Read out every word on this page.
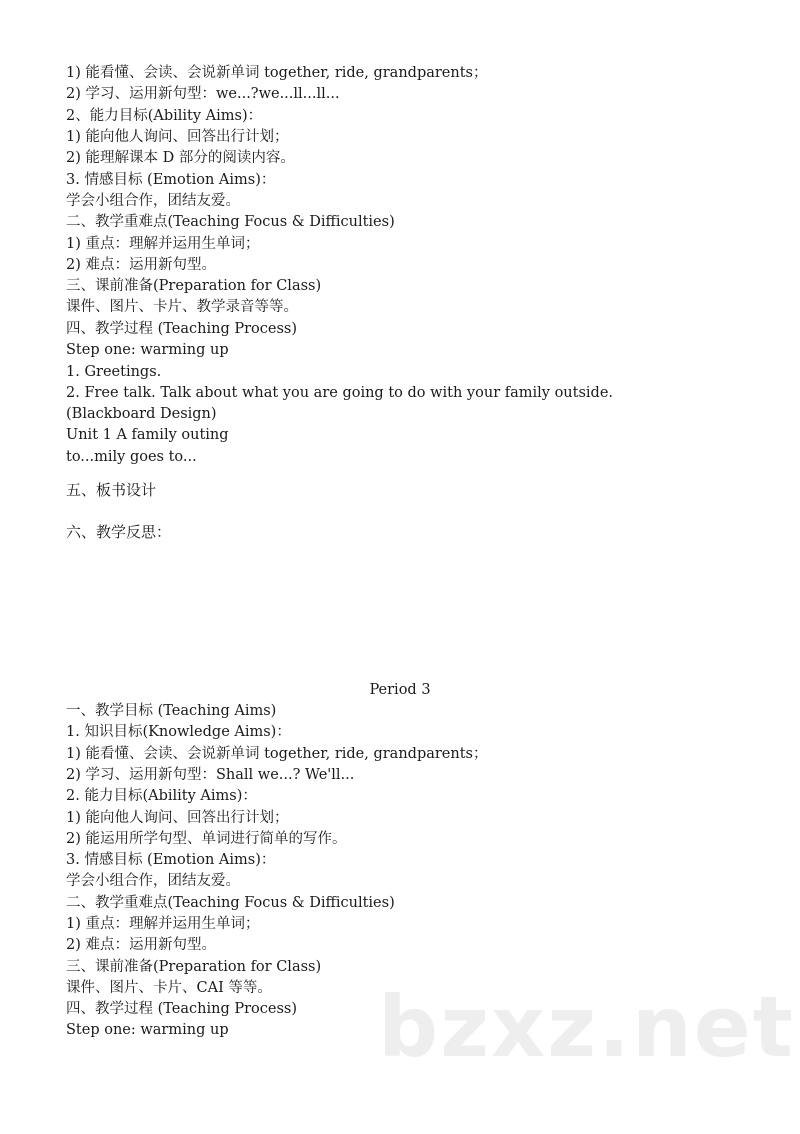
1) 能看懂、会读、会说新单词 together, ride, grandparents；
2) 学习、运用新句型：we...?we...ll...ll...
2、能力目标(Ability Aims)：
1) 能向他人询问、回答出行计划；
2) 能理解课本 D 部分的阅读内容。
3. 情感目标 (Emotion Aims)：
学会小组合作，团结友爱。
二、教学重难点(Teaching Focus & Difficulties)
1) 重点：理解并运用生单词；
2) 难点：运用新句型。
三、课前准备(Preparation for Class)
课件、图片、卡片、教学录音等等。
四、教学过程 (Teaching Process)
Step one: warming up
1. Greetings.
2. Free talk. Talk about what you are going to do with your family outside.
(Blackboard Design)
Unit 1 A family outing
to...mily goes to...
五、板书设计
六、教学反思：
Period 3
一、教学目标 (Teaching Aims)
1. 知识目标(Knowledge Aims)：
1) 能看懂、会读、会说新单词 together, ride, grandparents；
2) 学习、运用新句型：Shall we...? We'll...
2. 能力目标(Ability Aims)：
1) 能向他人询问、回答出行计划；
2) 能运用所学句型、单词进行简单的写作。
3. 情感目标 (Emotion Aims)：
学会小组合作，团结友爱。
二、教学重难点(Teaching Focus & Difficulties)
1) 重点：理解并运用生单词；
2) 难点：运用新句型。
三、课前准备(Preparation for Class)
课件、图片、卡片、CAI 等等。
四、教学过程 (Teaching Process)
Step one: warming up bzxz.net
